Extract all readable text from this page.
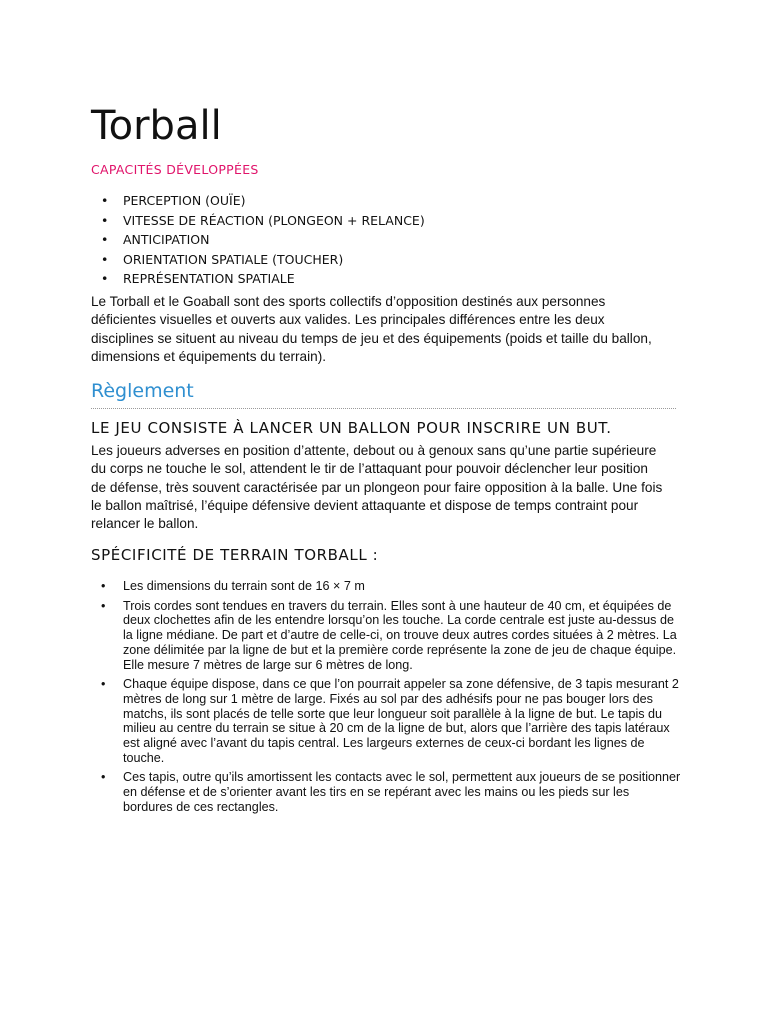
Torball
CAPACITÉS DÉVELOPPÉES
• PERCEPTION (OUÏE)
• VITESSE DE RÉACTION (PLONGEON + RELANCE)
• ANTICIPATION
• ORIENTATION SPATIALE (TOUCHER)
• REPRÉSENTATION SPATIALE

Le Torball et le Goaball sont des sports collectifs d’opposition destinés aux personnes déficientes visuelles et ouverts aux valides. Les principales différences entre les deux disciplines se situent au niveau du temps de jeu et des équipements (poids et taille du ballon, dimensions et équipements du terrain).

Règlement
LE JEU CONSISTE À LANCER UN BALLON POUR INSCRIRE UN BUT.

Les joueurs adverses en position d’attente, debout ou à genoux sans qu’une partie supérieure du corps ne touche le sol, attendent le tir de l’attaquant pour pouvoir déclencher leur position de défense, très souvent caractérisée par un plongeon pour faire opposition à la balle. Une fois le ballon maîtrisé, l’équipe défensive devient attaquante et dispose de temps contraint pour relancer le ballon.

SPÉCIFICITÉ DE TERRAIN TORBALL :
• Les dimensions du terrain sont de 16 × 7 m
• Trois cordes sont tendues en travers du terrain. Elles sont à une hauteur de 40 cm, et équipées de deux clochettes afin de les entendre lorsqu’on les touche. La corde centrale est juste au-dessus de la ligne médiane. De part et d’autre de celle-ci, on trouve deux autres cordes situées à 2 mètres. La zone délimitée par la ligne de but et la première corde représente la zone de jeu de chaque équipe. Elle mesure 7 mètres de large sur 6 mètres de long.
• Chaque équipe dispose, dans ce que l’on pourrait appeler sa zone défensive, de 3 tapis mesurant 2 mètres de long sur 1 mètre de large. Fixés au sol par des adhésifs pour ne pas bouger lors des matchs, ils sont placés de telle sorte que leur longueur soit parallèle à la ligne de but. Le tapis du milieu au centre du terrain se situe à 20 cm de la ligne de but, alors que l’arrière des tapis latéraux est aligné avec l’avant du tapis central. Les largeurs externes de ceux-ci bordant les lignes de touche.
• Ces tapis, outre qu’ils amortissent les contacts avec le sol, permettent aux joueurs de se positionner en défense et de s’orienter avant les tirs en se repérant avec les mains ou les pieds sur les bordures de ces rectangles.
